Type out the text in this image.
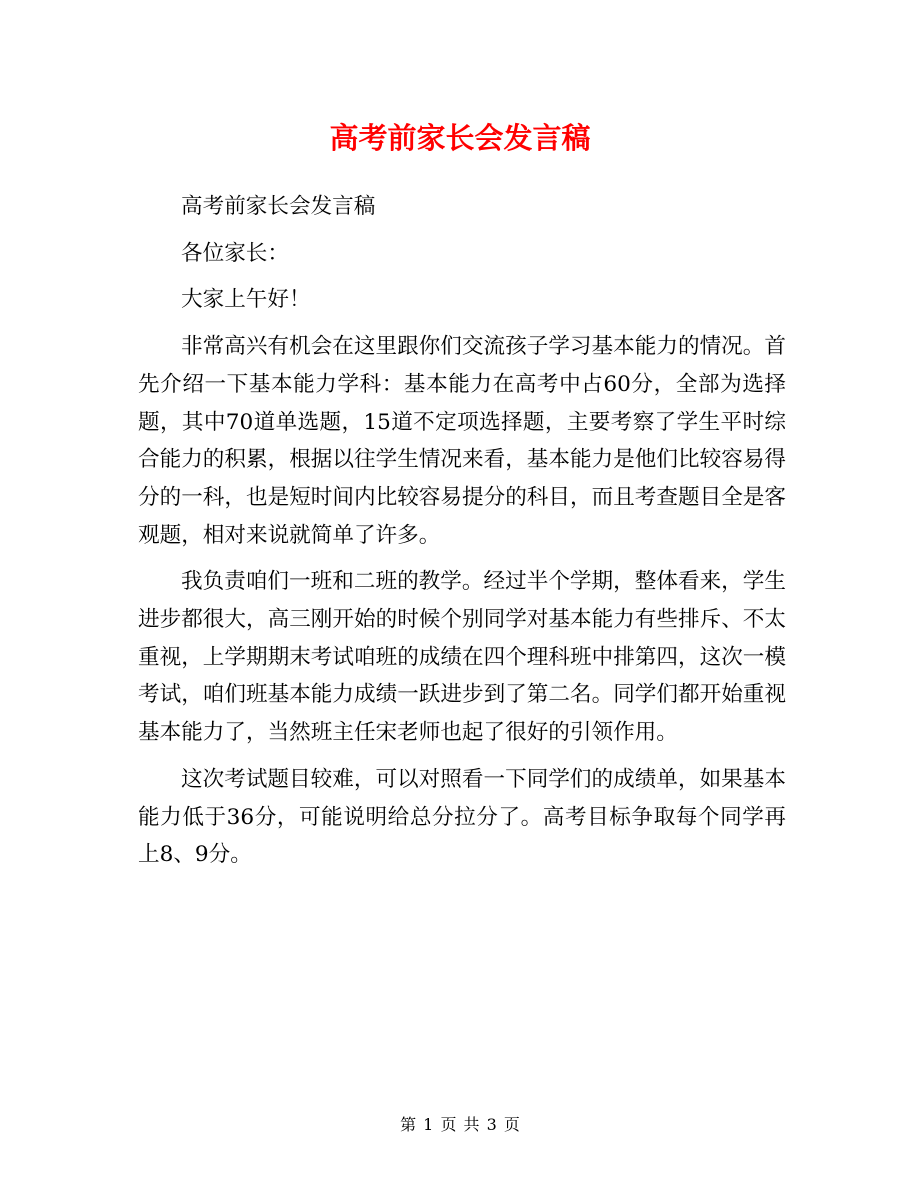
高考前家长会发言稿

高考前家长会发言稿

各位家长：

大家上午好！

非常高兴有机会在这里跟你们交流孩子学习基本能力的情况。首先介绍一下基本能力学科：基本能力在高考中占60分，全部为选择题，其中70道单选题，15道不定项选择题，主要考察了学生平时综合能力的积累，根据以往学生情况来看，基本能力是他们比较容易得分的一科，也是短时间内比较容易提分的科目，而且考查题目全是客观题，相对来说就简单了许多。

我负责咱们一班和二班的教学。经过半个学期，整体看来，学生进步都很大，高三刚开始的时候个别同学对基本能力有些排斥、不太重视，上学期期末考试咱班的成绩在四个理科班中排第四，这次一模考试，咱们班基本能力成绩一跃进步到了第二名。同学们都开始重视基本能力了，当然班主任宋老师也起了很好的引领作用。

这次考试题目较难，可以对照看一下同学们的成绩单，如果基本能力低于36分，可能说明给总分拉分了。高考目标争取每个同学再上8、9分。

第 1 页 共 3 页
